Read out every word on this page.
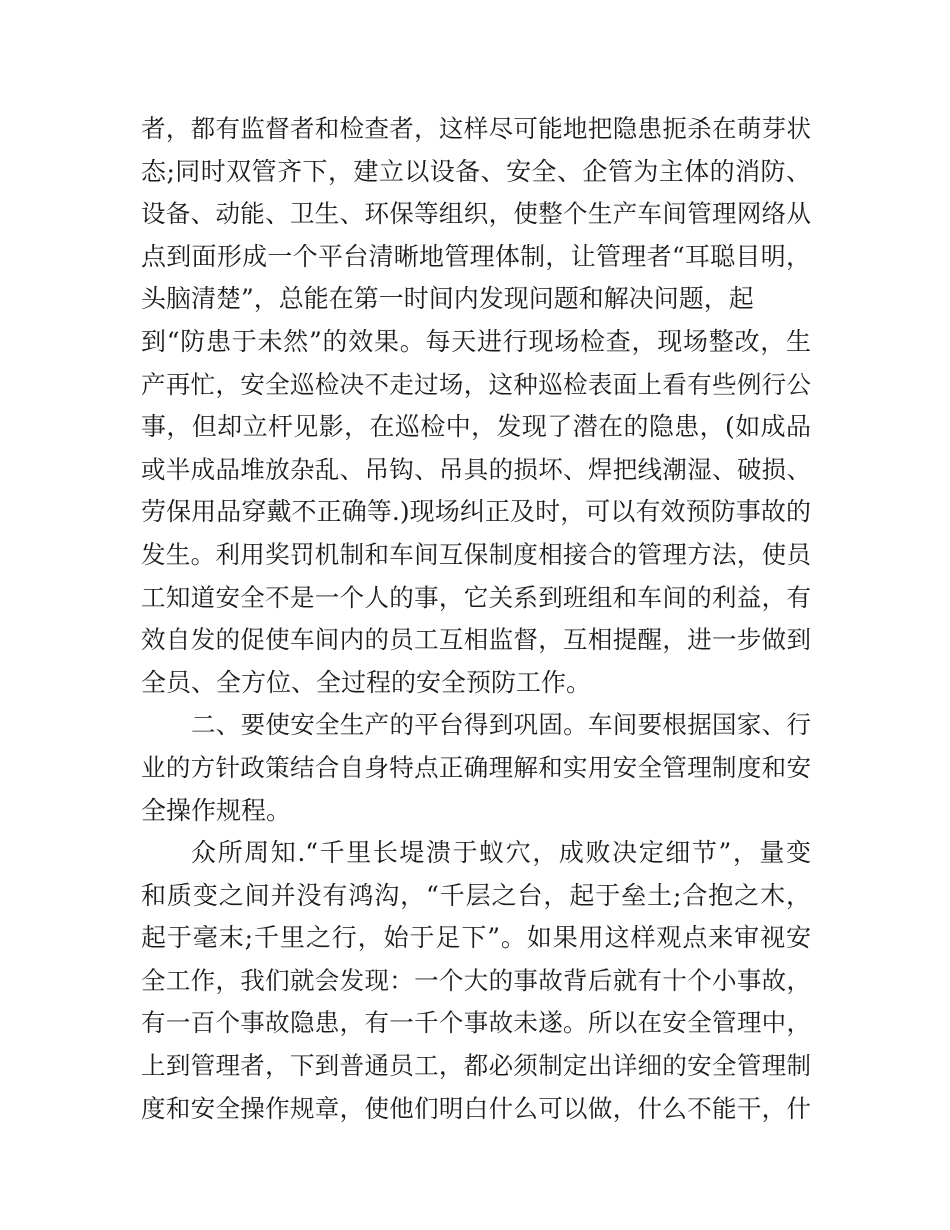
者，都有监督者和检查者，这样尽可能地把隐患扼杀在萌芽状
态;同时双管齐下，建立以设备、安全、企管为主体的消防、
设备、动能、卫生、环保等组织，使整个生产车间管理网络从
点到面形成一个平台清晰地管理体制，让管理者“耳聪目明，
头脑清楚”，总能在第一时间内发现问题和解决问题，起
到“防患于未然”的效果。每天进行现场检查，现场整改，生
产再忙，安全巡检决不走过场，这种巡检表面上看有些例行公
事，但却立杆见影，在巡检中，发现了潜在的隐患，(如成品
或半成品堆放杂乱、吊钩、吊具的损坏、焊把线潮湿、破损、
劳保用品穿戴不正确等.)现场纠正及时，可以有效预防事故的
发生。利用奖罚机制和车间互保制度相接合的管理方法，使员
工知道安全不是一个人的事，它关系到班组和车间的利益，有
效自发的促使车间内的员工互相监督，互相提醒，进一步做到
全员、全方位、全过程的安全预防工作。
二、要使安全生产的平台得到巩固。车间要根据国家、行
业的方针政策结合自身特点正确理解和实用安全管理制度和安
全操作规程。
众所周知.“千里长堤溃于蚁穴，成败决定细节”，量变
和质变之间并没有鸿沟，“千层之台，起于垒土;合抱之木，
起于毫末;千里之行，始于足下”。如果用这样观点来审视安
全工作，我们就会发现：一个大的事故背后就有十个小事故，
有一百个事故隐患，有一千个事故未遂。所以在安全管理中，
上到管理者，下到普通员工，都必须制定出详细的安全管理制
度和安全操作规章，使他们明白什么可以做，什么不能干，什
